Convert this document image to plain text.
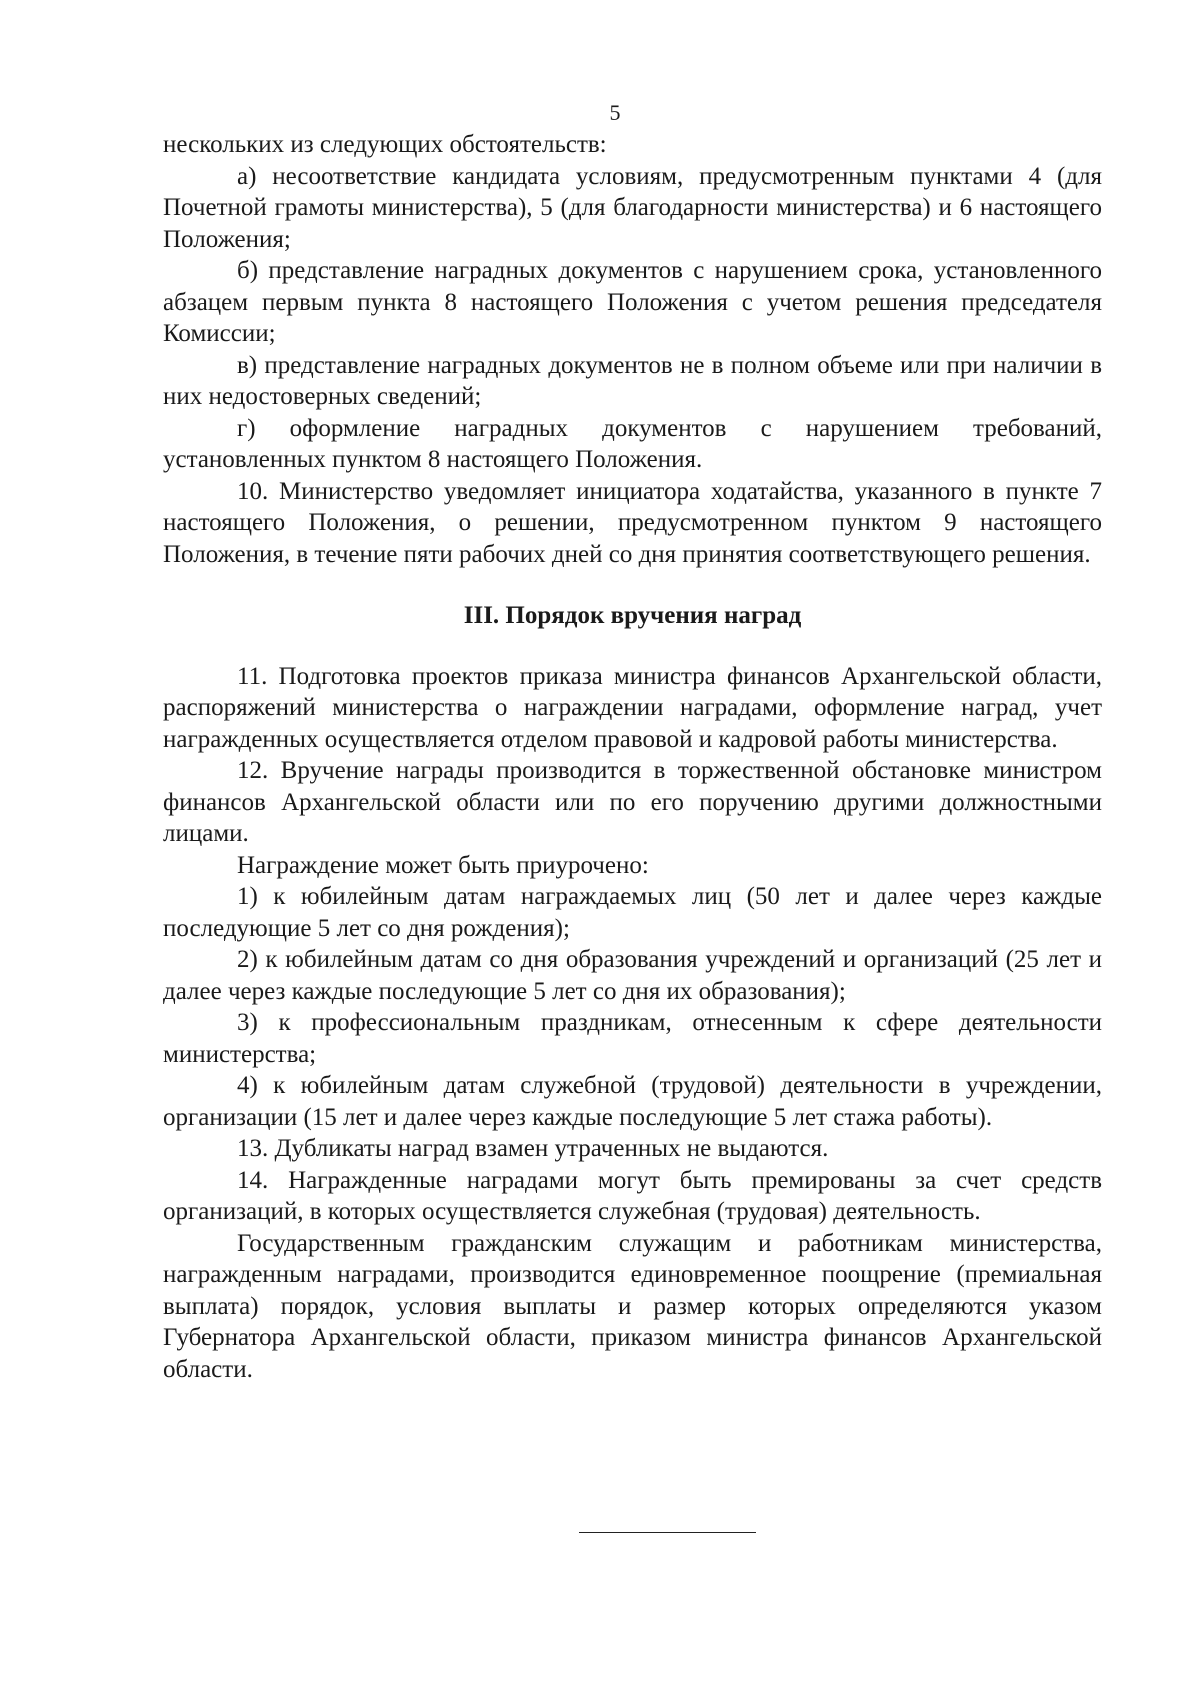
5

нескольких из следующих обстоятельств:

а) несоответствие кандидата условиям, предусмотренным пунктами 4 (для Почетной грамоты министерства), 5 (для благодарности министерства) и 6 настоящего Положения;

б) представление наградных документов с нарушением срока, установленного абзацем первым пункта 8 настоящего Положения с учетом решения председателя Комиссии;

в) представление наградных документов не в полном объеме или при наличии в них недостоверных сведений;

г) оформление наградных документов с нарушением требований, установленных пунктом 8 настоящего Положения.

10. Министерство уведомляет инициатора ходатайства, указанного в пункте 7 настоящего Положения, о решении, предусмотренном пунктом 9 настоящего Положения, в течение пяти рабочих дней со дня принятия соответствующего решения.

III. Порядок вручения наград

11. Подготовка проектов приказа министра финансов Архангельской области, распоряжений министерства о награждении наградами, оформление наград, учет награжденных осуществляется отделом правовой и кадровой работы министерства.

12. Вручение награды производится в торжественной обстановке министром финансов Архангельской области или по его поручению другими должностными лицами.

Награждение может быть приурочено:

1) к юбилейным датам награждаемых лиц (50 лет и далее через каждые последующие 5 лет со дня рождения);

2) к юбилейным датам со дня образования учреждений и организаций (25 лет и далее через каждые последующие 5 лет со дня их образования);

3) к профессиональным праздникам, отнесенным к сфере деятельности министерства;

4) к юбилейным датам служебной (трудовой) деятельности в учреждении, организации (15 лет и далее через каждые последующие 5 лет стажа работы).

13. Дубликаты наград взамен утраченных не выдаются.

14. Награжденные наградами могут быть премированы за счет средств организаций, в которых осуществляется служебная (трудовая) деятельность.

Государственным гражданским служащим и работникам министерства, награжденным наградами, производится единовременное поощрение (премиальная выплата) порядок, условия выплаты и размер которых определяются указом Губернатора Архангельской области, приказом министра финансов Архангельской области.
